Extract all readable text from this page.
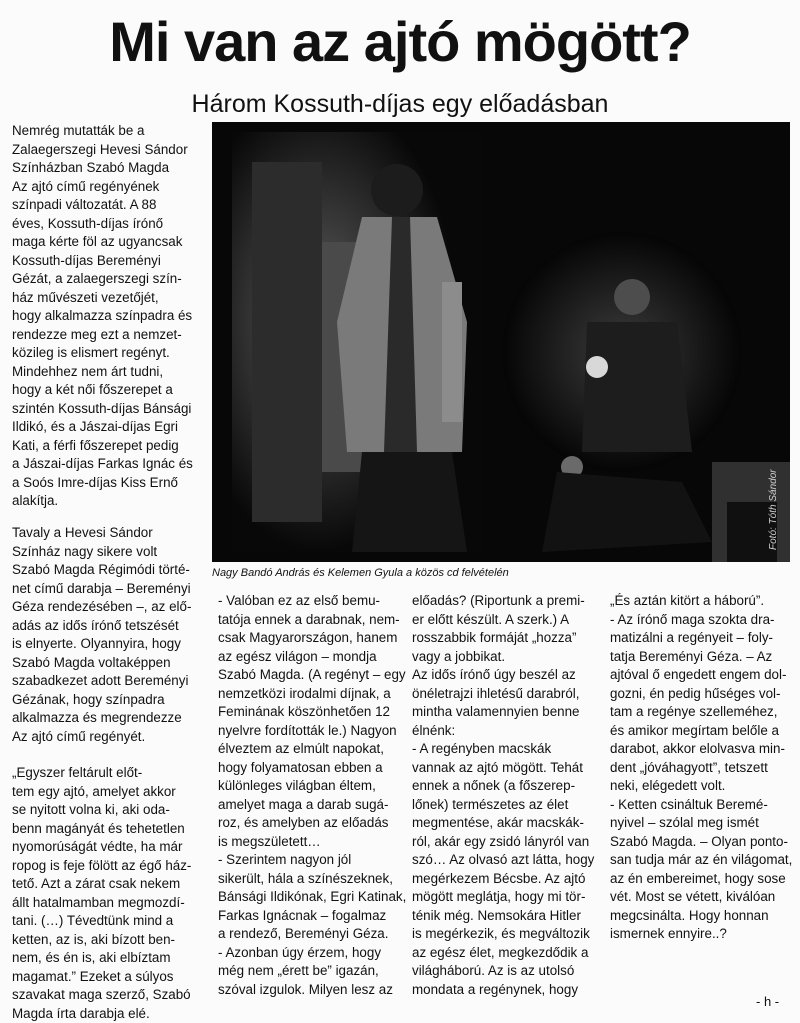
Mi van az ajtó mögött?
Három Kossuth-díjas egy előadásban

Nemrég mutatták be a

Zalaegerszegi Hevesi Sándor

Színházban Szabó Magda

Az ajtó című regényének

színpadi változatát. A 88

éves, Kossuth-díjas írónő

maga kérte föl az ugyancsak

Kossuth-díjas Bereményi

Gézát, a zalaegerszegi szín-

ház művészeti vezetőjét,

hogy alkalmazza színpadra és

rendezze meg ezt a nemzet-

közileg is elismert regényt.

Mindehhez nem árt tudni,

hogy a két női főszerepet a

szintén Kossuth-díjas Bánsági

Ildikó, és a Jászai-díjas Egri

Kati, a férfi főszerepet pedig

a Jászai-díjas Farkas Ignác és

a Soós Imre-díjas Kiss Ernő

alakítja.

Tavaly a Hevesi Sándor

Színház nagy sikere volt

Szabó Magda Régimódi törté-

net című darabja – Bereményi

Géza rendezésében –, az elő-

adás az idős írónő tetszését

is elnyerte. Olyannyira, hogy

Szabó Magda voltaképpen

szabadkezet adott Bereményi

Gézának, hogy színpadra

alkalmazza és megrendezze

Az ajtó című regényét.

„Egyszer feltárult előt-

tem egy ajtó, amelyet akkor

se nyitott volna ki, aki oda-

benn magányát és tehetetlen

nyomorúságát védte, ha már

ropog is feje fölött az égő ház-

tető. Azt a zárat csak nekem

állt hatalmamban megmozdí-

tani. (…) Tévedtünk mind a

ketten, az is, aki bízott ben-

nem, és én is, aki elbíztam

magamat.” Ezeket a súlyos

szavakat maga szerző, Szabó

Magda írta darabja elé.

Fotó: Tóth Sándor
Nagy Bandó András és Kelemen Gyula a közös cd felvételén

- Valóban ez az első bemu-

tatója ennek a darabnak, nem-

csak Magyarországon, hanem

az egész világon – mondja

Szabó Magda. (A regényt – egy

nemzetközi irodalmi díjnak, a

Feminának köszönhetően 12

nyelvre fordították le.) Nagyon

élveztem az elmúlt napokat,

hogy folyamatosan ebben a

különleges világban éltem,

amelyet maga a darab sugá-

roz, és amelyben az előadás

is megszületett…

- Szerintem nagyon jól

sikerült, hála a színészeknek,

Bánsági Ildikónak, Egri Katinak,

Farkas Ignácnak – fogalmaz

a rendező, Bereményi Géza.

- Azonban úgy érzem, hogy

még nem „érett be” igazán,

szóval izgulok. Milyen lesz az

előadás? (Riportunk a premi-

er előtt készült. A szerk.) A

rosszabbik formáját „hozza”

vagy a jobbikat.

Az idős írónő úgy beszél az

önéletrajzi ihletésű darabról,

mintha valamennyien benne

élnénk:

- A regényben macskák

vannak az ajtó mögött. Tehát

ennek a nőnek (a főszerep-

lőnek) természetes az élet

megmentése, akár macskák-

ról, akár egy zsidó lányról van

szó… Az olvasó azt látta, hogy

megérkezem Bécsbe. Az ajtó

mögött meglátja, hogy mi tör-

ténik még. Nemsokára Hitler

is megérkezik, és megváltozik

az egész élet, megkezdődik a

világháború. Az is az utolsó

mondata a regénynek, hogy

„És aztán kitört a háború”.

- Az írónő maga szokta dra-

matizálni a regényeit – foly-

tatja Bereményi Géza. – Az

ajtóval ő engedett engem dol-

gozni, én pedig hűséges vol-

tam a regénye szelleméhez,

és amikor megírtam belőle a

darabot, akkor elolvasva min-

dent „jóváhagyott”, tetszett

neki, elégedett volt.

- Ketten csináltuk Beremé-

nyivel – szólal meg ismét

Szabó Magda. – Olyan ponto-

san tudja már az én világomat,

az én embereimet, hogy sose

vét. Most se vétett, kiválóan

megcsinálta. Hogy honnan

ismernek ennyire..?

- h -
